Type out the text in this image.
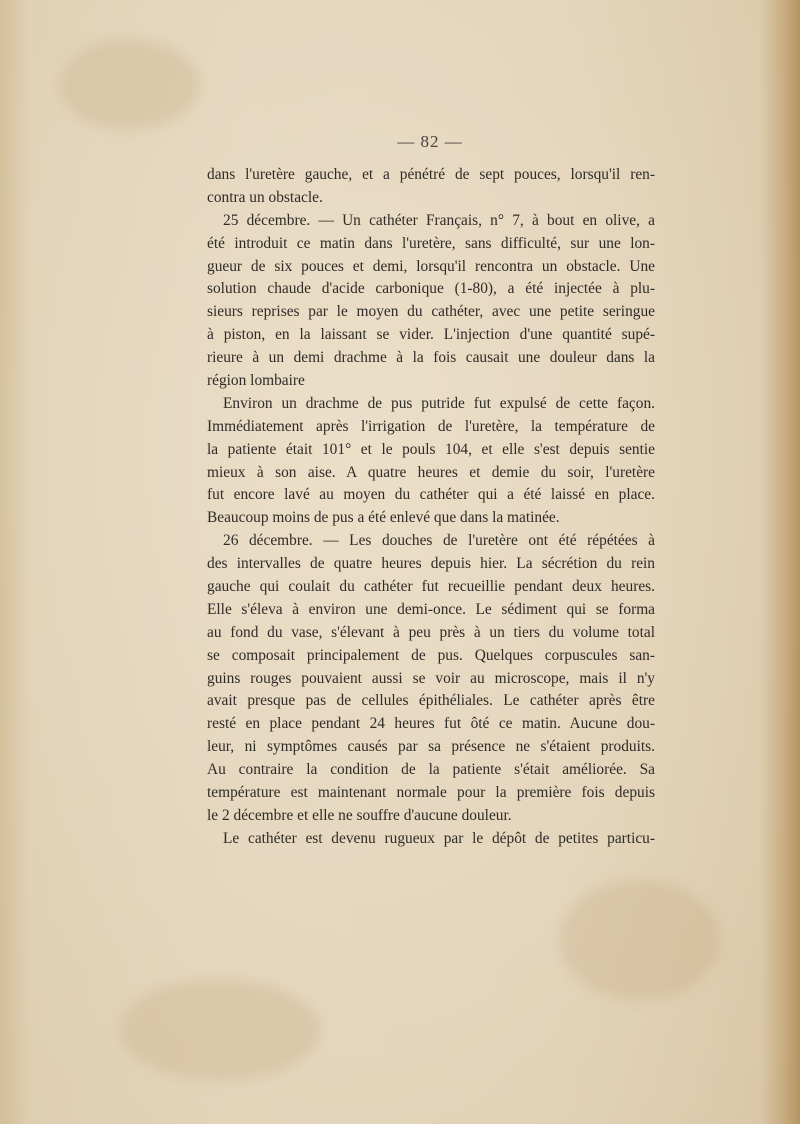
— 82 —
dans l'uretère gauche, et a pénétré de sept pouces, lorsqu'il ren-
contra un obstacle.
25 décembre. — Un cathéter Français, n° 7, à bout en olive, a
été introduit ce matin dans l'uretère, sans difficulté, sur une lon-
gueur de six pouces et demi, lorsqu'il rencontra un obstacle. Une
solution chaude d'acide carbonique (1-80), a été injectée à plu-
sieurs reprises par le moyen du cathéter, avec une petite seringue
à piston, en la laissant se vider. L'injection d'une quantité supé-
rieure à un demi drachme à la fois causait une douleur dans la
région lombaire
Environ un drachme de pus putride fut expulsé de cette façon.
Immédiatement après l'irrigation de l'uretère, la température de
la patiente était 101° et le pouls 104, et elle s'est depuis sentie
mieux à son aise. A quatre heures et demie du soir, l'uretère
fut encore lavé au moyen du cathéter qui a été laissé en place.
Beaucoup moins de pus a été enlevé que dans la matinée.
26 décembre. — Les douches de l'uretère ont été répétées à
des intervalles de quatre heures depuis hier. La sécrétion du rein
gauche qui coulait du cathéter fut recueillie pendant deux heures.
Elle s'éleva à environ une demi-once. Le sédiment qui se forma
au fond du vase, s'élevant à peu près à un tiers du volume total
se composait principalement de pus. Quelques corpuscules san-
guins rouges pouvaient aussi se voir au microscope, mais il n'y
avait presque pas de cellules épithéliales. Le cathéter après être
resté en place pendant 24 heures fut ôté ce matin. Aucune dou-
leur, ni symptômes causés par sa présence ne s'étaient produits.
Au contraire la condition de la patiente s'était améliorée. Sa
température est maintenant normale pour la première fois depuis
le 2 décembre et elle ne souffre d'aucune douleur.
Le cathéter est devenu rugueux par le dépôt de petites particu-
